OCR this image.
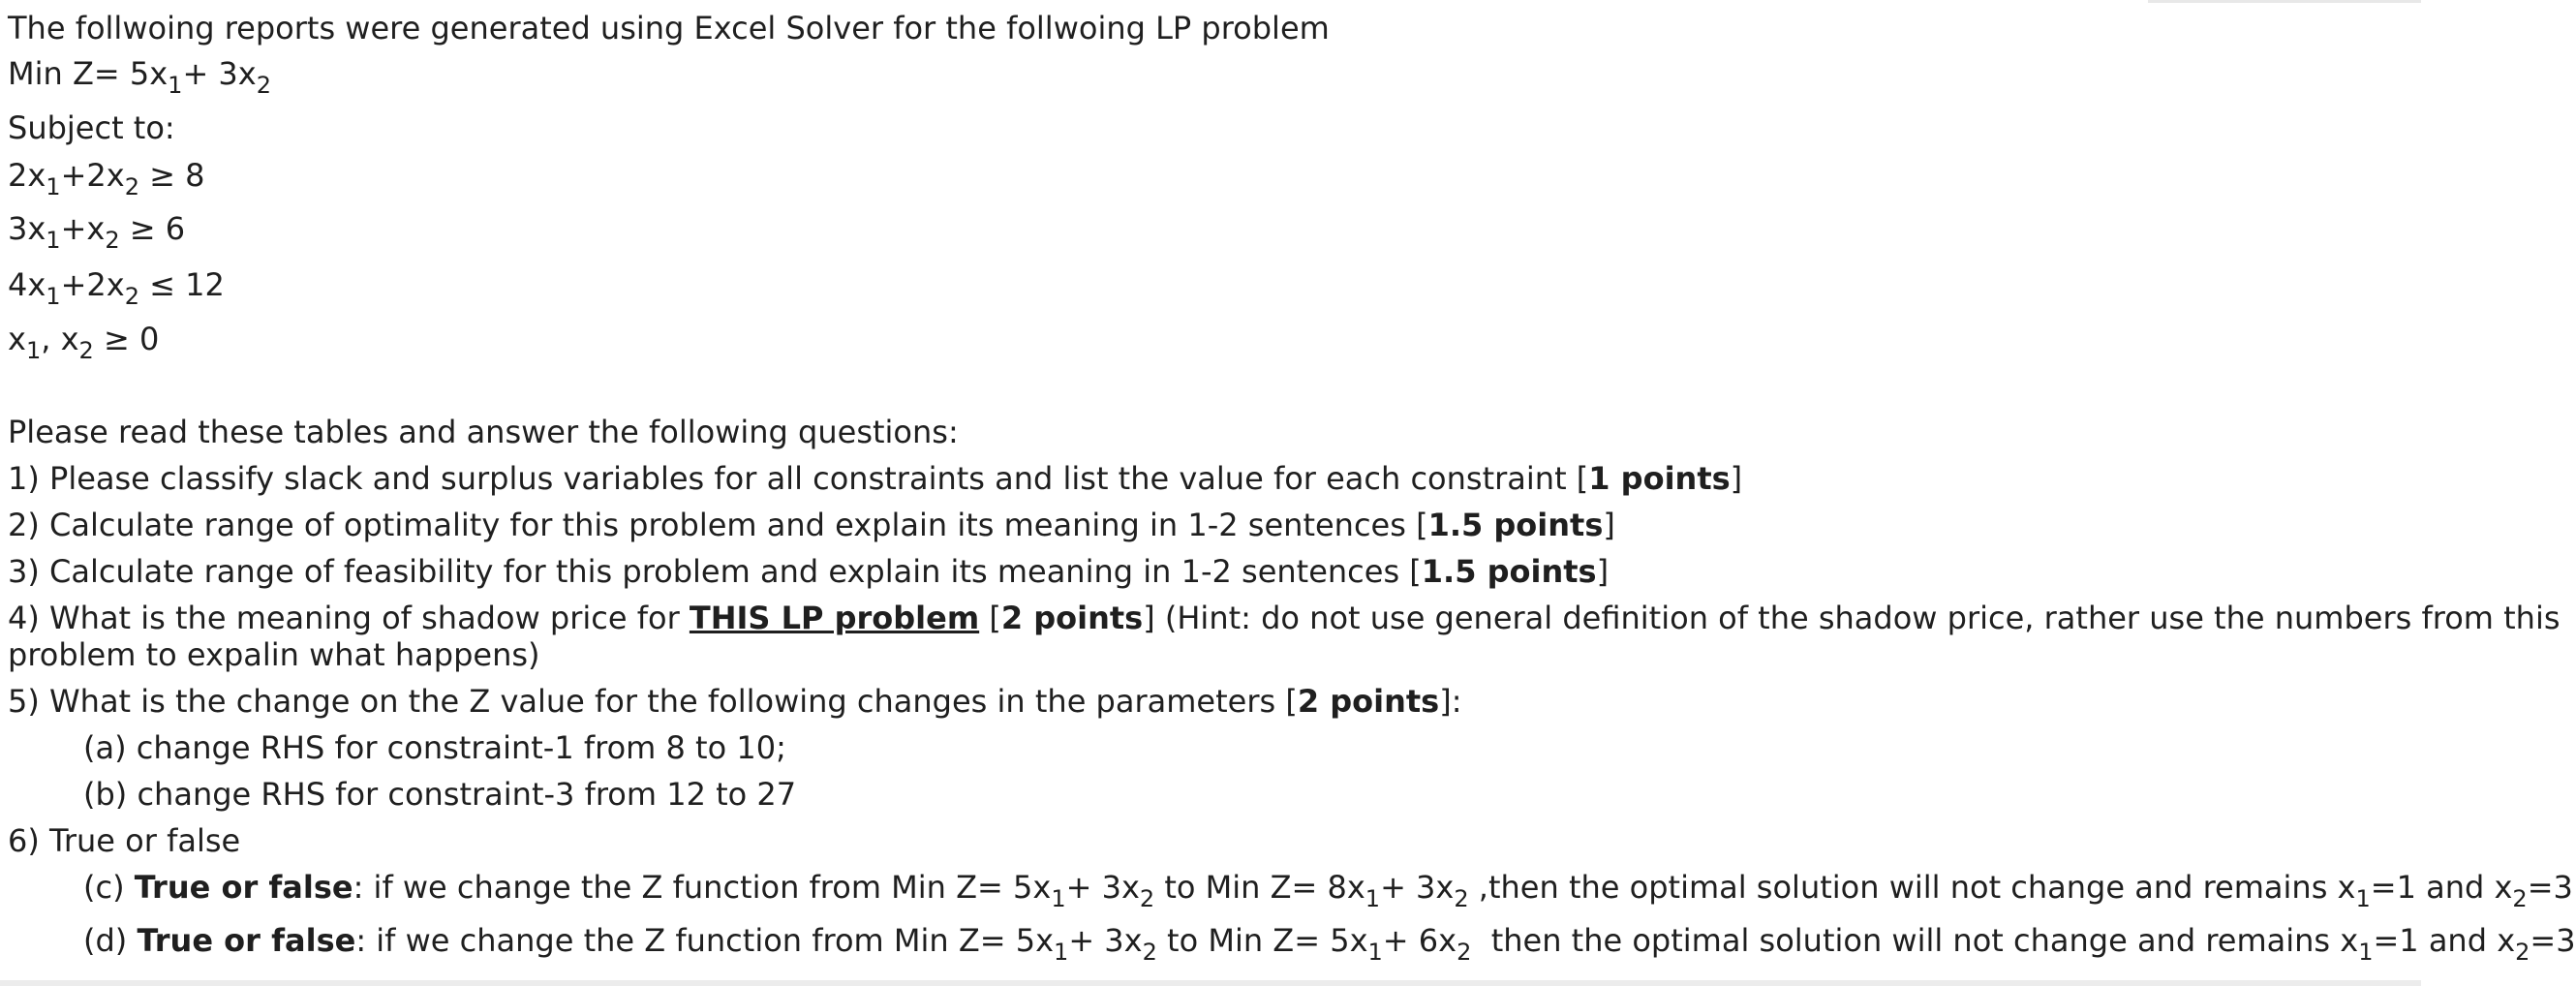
The follwoing reports were generated using Excel Solver for the follwoing LP problem
Min $Z= 5x_1+ 3x_2$
Subject to:
$2x_1+2x_2 \ge 8$
$3x_1+x_2 \ge 6$
$4x_1+2x_2 \le 12$
$x_1$, $x_2 \ge 0$
Please read these tables and answer the following questions:
1) Please classify slack and surplus variables for all constraints and list the value for each constraint [1 points]
2) Calculate range of optimality for this problem and explain its meaning in 1-2 sentences [1.5 points]
3) Calculate range of feasibility for this problem and explain its meaning in 1-2 sentences [1.5 points]
4) What is the meaning of shadow price for THIS LP problem [2 points] (Hint: do not use general definition of the shadow price, rather use the numbers from this
problem to expalin what happens)
5) What is the change on the Z value for the following changes in the parameters [2 points]:
(a) change RHS for constraint-1 from 8 to 10;
(b) change RHS for constraint-3 from 12 to 27
6) True or false
(c) True or false: if we change the Z function from Min $Z= 5x_1+ 3x_2$ to Min $Z= 8x_1+ 3x_2$ ,then the optimal solution will not change and remains $x_1=1$ and $x_2=3$
(d) True or false: if we change the Z function from Min $Z= 5x_1+ 3x_2$ to Min $Z= 5x_1+ 6x_2$  then the optimal solution will not change and remains $x_1=1$ and $x_2=3$
